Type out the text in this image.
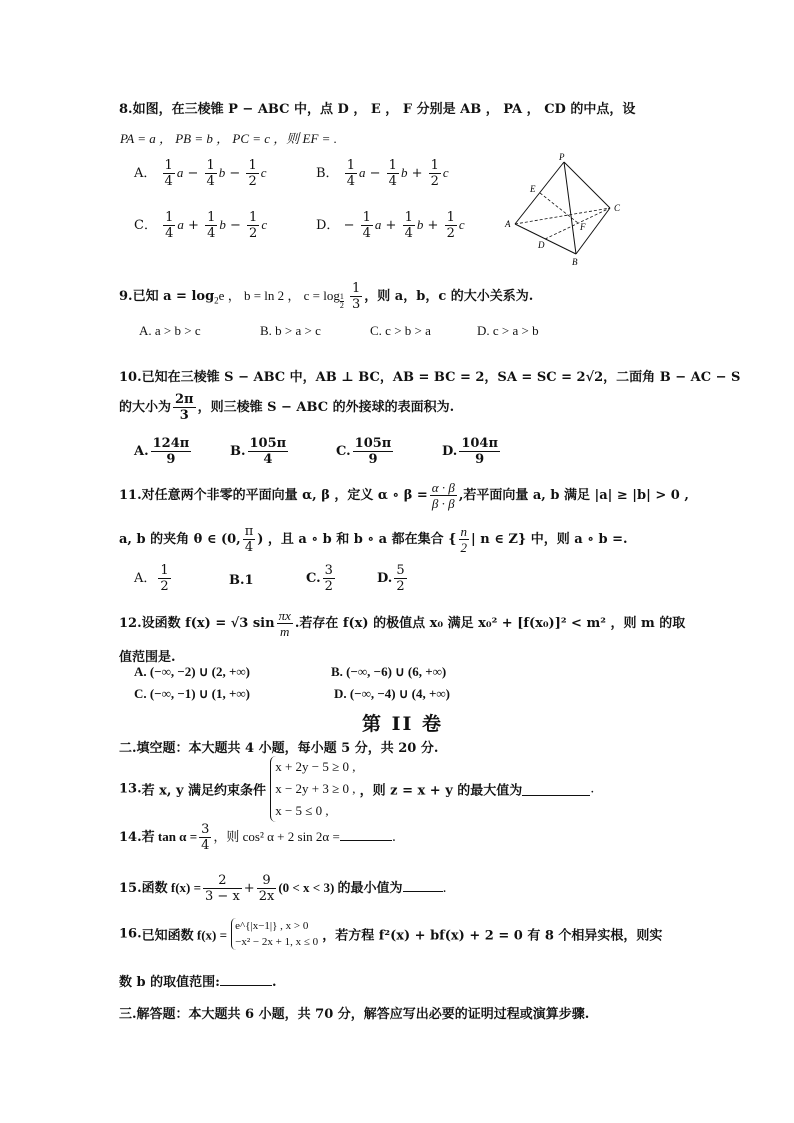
8.如图，在三棱锥 P − ABC 中，点 D ， E ， F 分别是 AB ， PA ， CD 的中点，设
PA = a ， PB = b ， PC = c ，则 EF = .
A． $\frac{1}{4}$ $a - \frac{1}{4}$ $b - \frac{1}{2}$ c	B． $\frac{1}{4}$ $a - \frac{1}{4}$ $b + \frac{1}{2}$ c
C． $\frac{1}{4}$ $a + \frac{1}{4}$ $b - \frac{1}{2}$ c	D． − $\frac{1}{4}$ $a + \frac{1}{4}$ $b + \frac{1}{2}$ c
P
E
A
C
F
D
B
9.已知 $a = \log_2e$ ， b = ln 2 ， c = log $_{\frac{1}{2}}$
$\frac{1}{3}$ ，则 a，b，c 的大小关系为.
A. a > b > c	B. b > a > c	C. c > b > a	D. c > a > b
10.已知在三棱锥 S − ABC 中，AB ⊥ BC，AB = BC = 2，SA = SC = 2√2，二面角 B − AC − S
的大小为 $\frac{2\pi}{3}$ ，则三棱锥 S − ABC 的外接球的表面积为.
A. $\frac{124\pi}{9}$	B. $\frac{105\pi}{4}$	C. $\frac{105\pi}{9}$	D. $\frac{104\pi}{9}$
11.对任意两个非零的平面向量 α, β ，定义 α ∘ $\beta = \frac{\alpha \cdot \beta}{\beta \cdot \beta}$ ,若平面向量 a, b 满足 |a| ≥ |b| > 0 ,
a, b 的夹角 θ ∈ (0, $\frac{\pi}{4}$ ) ，且 a ∘ b 和 b ∘ a 都在集合 { $\frac{n}{2}$ | n ∈ Z} 中，则 a ∘ b =.
A． $\frac{1}{2}$	B.1	C. $\frac{3}{2}$	D. $\frac{5}{2}$
12.设函数 f(x) = √3 $\sin \frac{\pi x}{m}$ .若存在 f(x) 的极值点 x₀ 满足 x₀² + [f(x₀)]² < m² ，则 m 的取
值范围是.
A. (−∞, −2) ∪ (2, +∞)	B. (−∞, −6) ∪ (6, +∞)
C. (−∞, −1) ∪ (1, +∞)	D. (−∞, −4) ∪ (4, +∞)
第 II 卷
二.填空题：本大题共 4 小题，每小题 5 分，共 20 分.
13.若 x, y 满足约束条件
x + 2y − 5 ≥ 0 ,
x − 2y + 3 ≥ 0 ,
x − 5 ≤ 0 ,
，则 z = x + y 的最大值为	.
14.若 $\tan \alpha = \frac{3}{4}$ ，则 cos² α + 2 sin 2α =	.
15.函数 $f(x) = \frac{2}{3 - x} + \frac{9}{2x} (0 < x < 3)$ 的最小值为	.
16.已知函数 f(x) =
e^{|x−1|} , x > 0
−x² − 2x + 1, x ≤ 0 ，若方程 f²(x) + bf(x) + 2 = 0 有 8 个相异实根，则实
数 b 的取值范围:	.
三.解答题：本大题共 6 小题，共 70 分，解答应写出必要的证明过程或演算步骤.
